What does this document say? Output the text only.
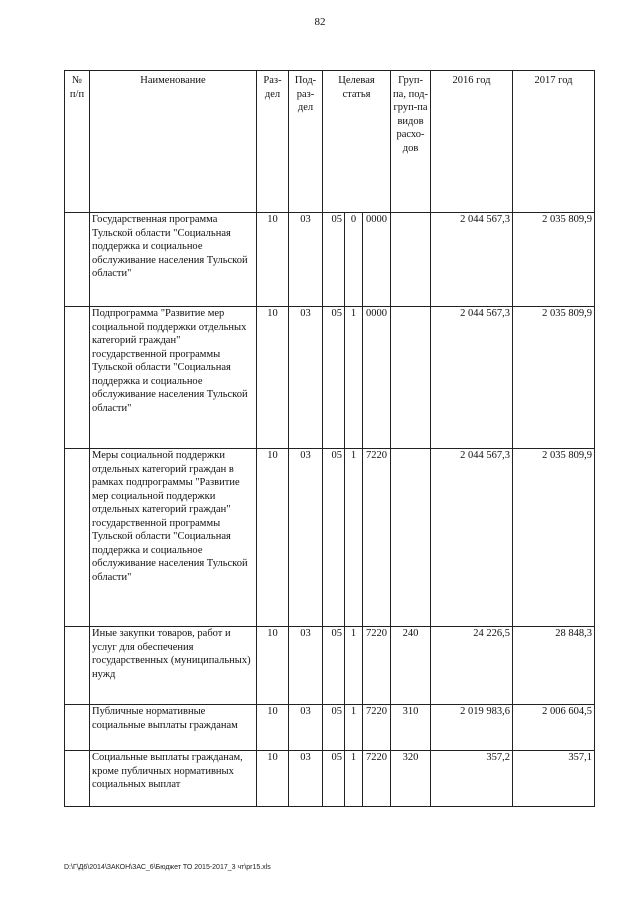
82
№ п/п	Наименование	Раз-дел	Под-раз-дел	Целевая статья			Груп-па, под-груп-па видов расхо-дов	2016 год	2017 год
	Государственная программа Тульской области "Социальная поддержка и социальное обслуживание населения Тульской области"	10	03	05	0	0000		2 044 567,3	2 035 809,9
	Подпрограмма "Развитие мер социальной поддержки отдельных категорий граждан" государственной программы Тульской области "Социальная поддержка и социальное обслуживание населения Тульской области"	10	03	05	1	0000		2 044 567,3	2 035 809,9
	Меры социальной поддержки отдельных категорий граждан в рамках подпрограммы "Развитие мер социальной поддержки отдельных категорий граждан" государственной программы Тульской области "Социальная поддержка и социальное обслуживание населения Тульской области"	10	03	05	1	7220		2 044 567,3	2 035 809,9
	Иные закупки товаров, работ и услуг для обеспечения государственных (муниципальных) нужд	10	03	05	1	7220	240	24 226,5	28 848,3
	Публичные нормативные социальные выплаты гражданам	10	03	05	1	7220	310	2 019 983,6	2 006 604,5
	Социальные выплаты гражданам, кроме публичных нормативных социальных выплат	10	03	05	1	7220	320	357,2	357,1
D:\Г\Д6\2014\ЗАКОН\ЗАС_6\Бюджет ТО 2015-2017_3 чт\pr15.xls
